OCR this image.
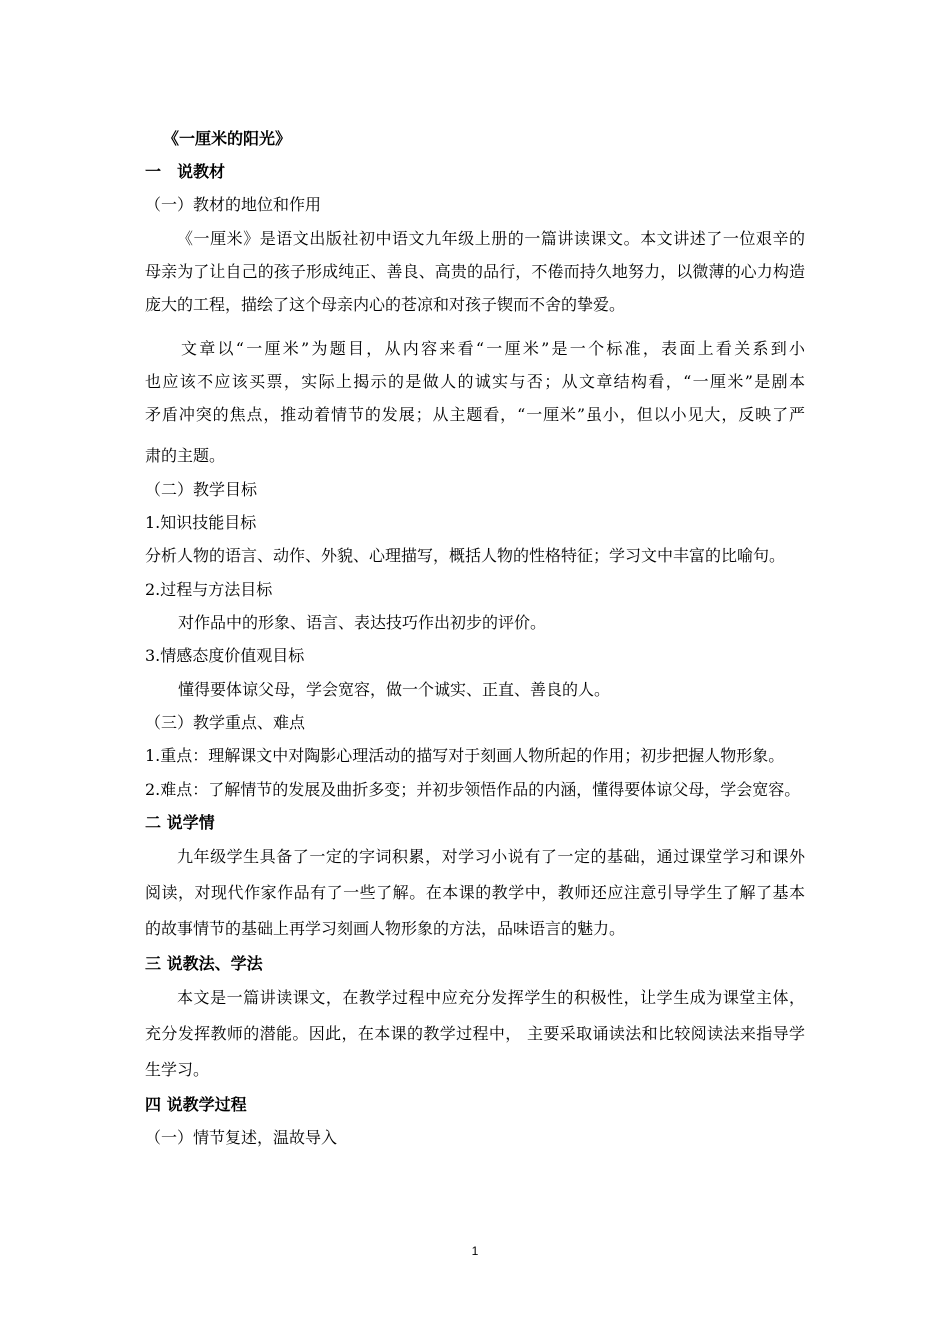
《一厘米的阳光》
一　说教材
（一）教材的地位和作用
《一厘米》是语文出版社初中语文九年级上册的一篇讲读课文。本文讲述了一位艰辛的
母亲为了让自己的孩子形成纯正、善良、高贵的品行，不倦而持久地努力，以微薄的心力构造
庞大的工程，描绘了这个母亲内心的苍凉和对孩子锲而不舍的挚爱。
文章以“一厘米”为题目，从内容来看“一厘米”是一个标准，表面上看关系到小
也应该不应该买票，实际上揭示的是做人的诚实与否；从文章结构看，“一厘米”是剧本
矛盾冲突的焦点，推动着情节的发展；从主题看，“一厘米”虽小，但以小见大，反映了严
肃的主题。
（二）教学目标
1.知识技能目标
分析人物的语言、动作、外貌、心理描写，概括人物的性格特征；学习文中丰富的比喻句。
2.过程与方法目标
对作品中的形象、语言、表达技巧作出初步的评价。
3.情感态度价值观目标
懂得要体谅父母，学会宽容，做一个诚实、正直、善良的人。
（三）教学重点、难点
1.重点：理解课文中对陶影心理活动的描写对于刻画人物所起的作用；初步把握人物形象。
2.难点：了解情节的发展及曲折多变；并初步领悟作品的内涵，懂得要体谅父母，学会宽容。
二 说学情
九年级学生具备了一定的字词积累，对学习小说有了一定的基础，通过课堂学习和课外
阅读，对现代作家作品有了一些了解。在本课的教学中，教师还应注意引导学生了解了基本
的故事情节的基础上再学习刻画人物形象的方法，品味语言的魅力。
三 说教法、学法
本文是一篇讲读课文，在教学过程中应充分发挥学生的积极性，让学生成为课堂主体，
充分发挥教师的潜能。因此，在本课的教学过程中， 主要采取诵读法和比较阅读法来指导学
生学习。
四 说教学过程
（一）情节复述，温故导入
1
